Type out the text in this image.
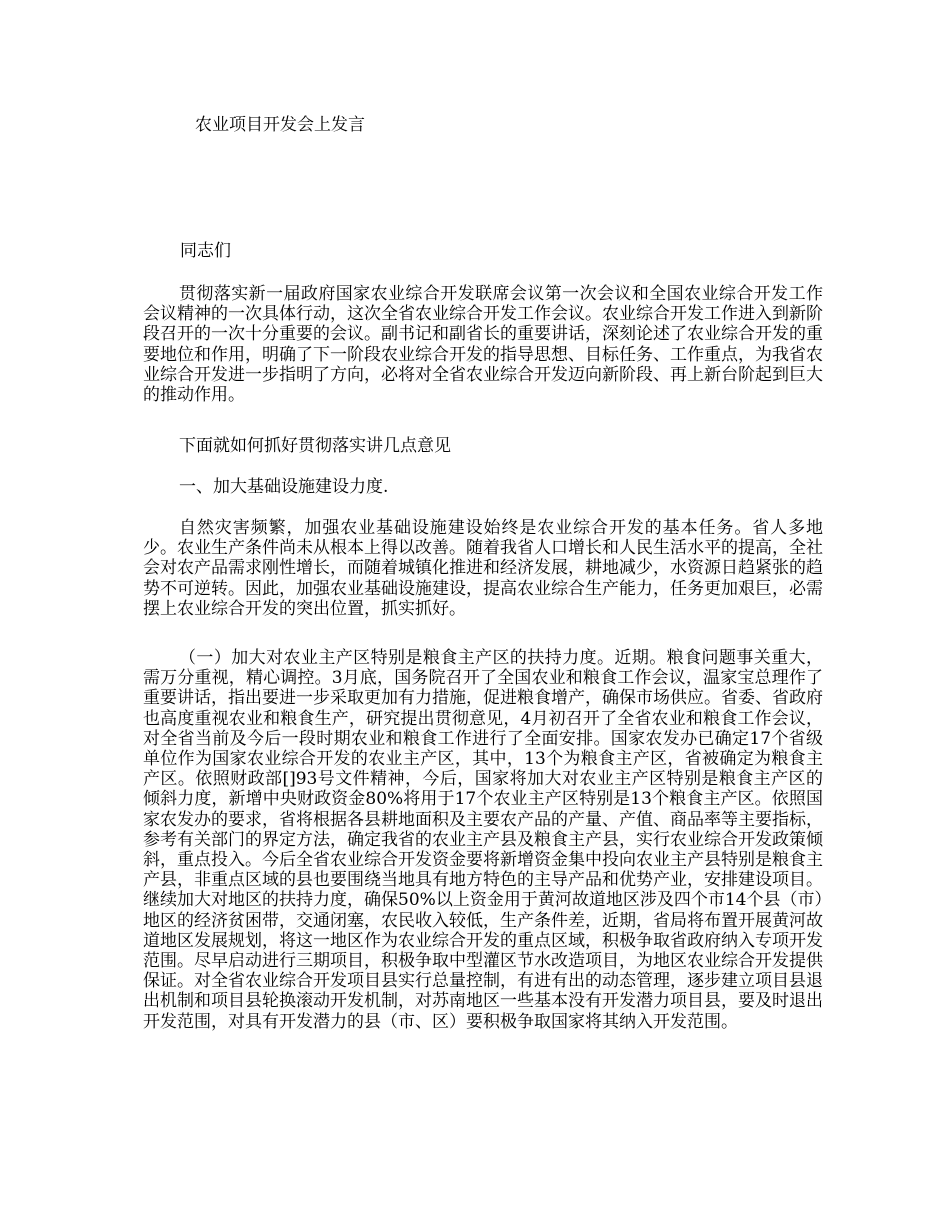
农业项目开发会上发言
同志们
贯彻落实新一届政府国家农业综合开发联席会议第一次会议和全国农业综合开发工作会议精神的一次具体行动，这次全省农业综合开发工作会议。农业综合开发工作进入到新阶段召开的一次十分重要的会议。副书记和副省长的重要讲话，深刻论述了农业综合开发的重要地位和作用，明确了下一阶段农业综合开发的指导思想、目标任务、工作重点，为我省农业综合开发进一步指明了方向，必将对全省农业综合开发迈向新阶段、再上新台阶起到巨大的推动作用。
下面就如何抓好贯彻落实讲几点意见
一、加大基础设施建设力度.
自然灾害频繁，加强农业基础设施建设始终是农业综合开发的基本任务。省人多地少。农业生产条件尚未从根本上得以改善。随着我省人口增长和人民生活水平的提高，全社会对农产品需求刚性增长，而随着城镇化推进和经济发展，耕地减少，水资源日趋紧张的趋势不可逆转。因此，加强农业基础设施建设，提高农业综合生产能力，任务更加艰巨，必需摆上农业综合开发的突出位置，抓实抓好。
（一）加大对农业主产区特别是粮食主产区的扶持力度。近期。粮食问题事关重大，需万分重视，精心调控。3月底，国务院召开了全国农业和粮食工作会议，温家宝总理作了重要讲话，指出要进一步采取更加有力措施，促进粮食增产，确保市场供应。省委、省政府也高度重视农业和粮食生产，研究提出贯彻意见，4月初召开了全省农业和粮食工作会议，对全省当前及今后一段时期农业和粮食工作进行了全面安排。国家农发办已确定17个省级单位作为国家农业综合开发的农业主产区，其中，13个为粮食主产区，省被确定为粮食主产区。依照财政部[]93号文件精神，今后，国家将加大对农业主产区特别是粮食主产区的倾斜力度，新增中央财政资金80%将用于17个农业主产区特别是13个粮食主产区。依照国家农发办的要求，省将根据各县耕地面积及主要农产品的产量、产值、商品率等主要指标，参考有关部门的界定方法，确定我省的农业主产县及粮食主产县，实行农业综合开发政策倾斜，重点投入。今后全省农业综合开发资金要将新增资金集中投向农业主产县特别是粮食主产县，非重点区域的县也要围绕当地具有地方特色的主导产品和优势产业，安排建设项目。继续加大对地区的扶持力度，确保50%以上资金用于黄河故道地区涉及四个市14个县（市）地区的经济贫困带，交通闭塞，农民收入较低，生产条件差，近期，省局将布置开展黄河故道地区发展规划，将这一地区作为农业综合开发的重点区域，积极争取省政府纳入专项开发范围。尽早启动进行三期项目，积极争取中型灌区节水改造项目，为地区农业综合开发提供保证。对全省农业综合开发项目县实行总量控制，有进有出的动态管理，逐步建立项目县退出机制和项目县轮换滚动开发机制，对苏南地区一些基本没有开发潜力项目县，要及时退出开发范围，对具有开发潜力的县（市、区）要积极争取国家将其纳入开发范围。
